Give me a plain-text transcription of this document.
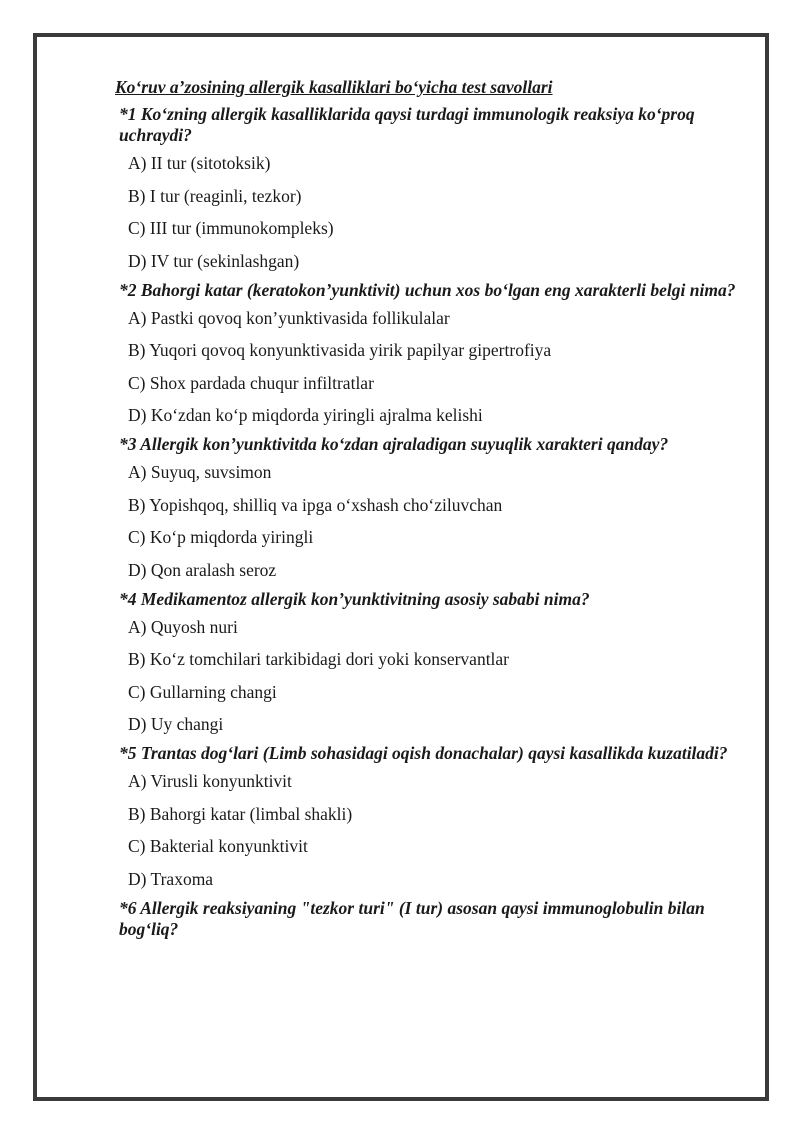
Ko‘ruv a’zosining allergik kasalliklari bo‘yicha test savollari
*1 Ko‘zning allergik kasalliklarida qaysi turdagi immunologik reaksiya ko‘proq uchraydi?
A) II tur (sitotoksik)
B) I tur (reaginli, tezkor)
C) III tur (immunokompleks)
D) IV tur (sekinlashgan)
*2 Bahorgi katar (keratokon’yunktivit) uchun xos bo‘lgan eng xarakterli belgi nima?
A) Pastki qovoq kon’yunktivasida follikulalar
B) Yuqori qovoq konyunktivasida yirik papilyar gipertrofiya
C) Shox pardada chuqur infiltratlar
D) Ko‘zdan ko‘p miqdorda yiringli ajralma kelishi
*3 Allergik kon’yunktivitda ko‘zdan ajraladigan suyuqlik xarakteri qanday?
A) Suyuq, suvsimon
B) Yopishqoq, shilliq va ipga o‘xshash cho‘ziluvchan
C) Ko‘p miqdorda yiringli
D) Qon aralash seroz
*4 Medikamentoz allergik kon’yunktivitning asosiy sababi nima?
A) Quyosh nuri
B) Ko‘z tomchilari tarkibidagi dori yoki konservantlar
C) Gullarning changi
D) Uy changi
*5 Trantas dog‘lari (Limb sohasidagi oqish donachalar) qaysi kasallikda kuzatiladi?
A) Virusli konyunktivit
B) Bahorgi katar (limbal shakli)
C) Bakterial konyunktivit
D) Traxoma
*6 Allergik reaksiyaning "tezkor turi" (I tur) asosan qaysi immunoglobulin bilan bog‘liq?
